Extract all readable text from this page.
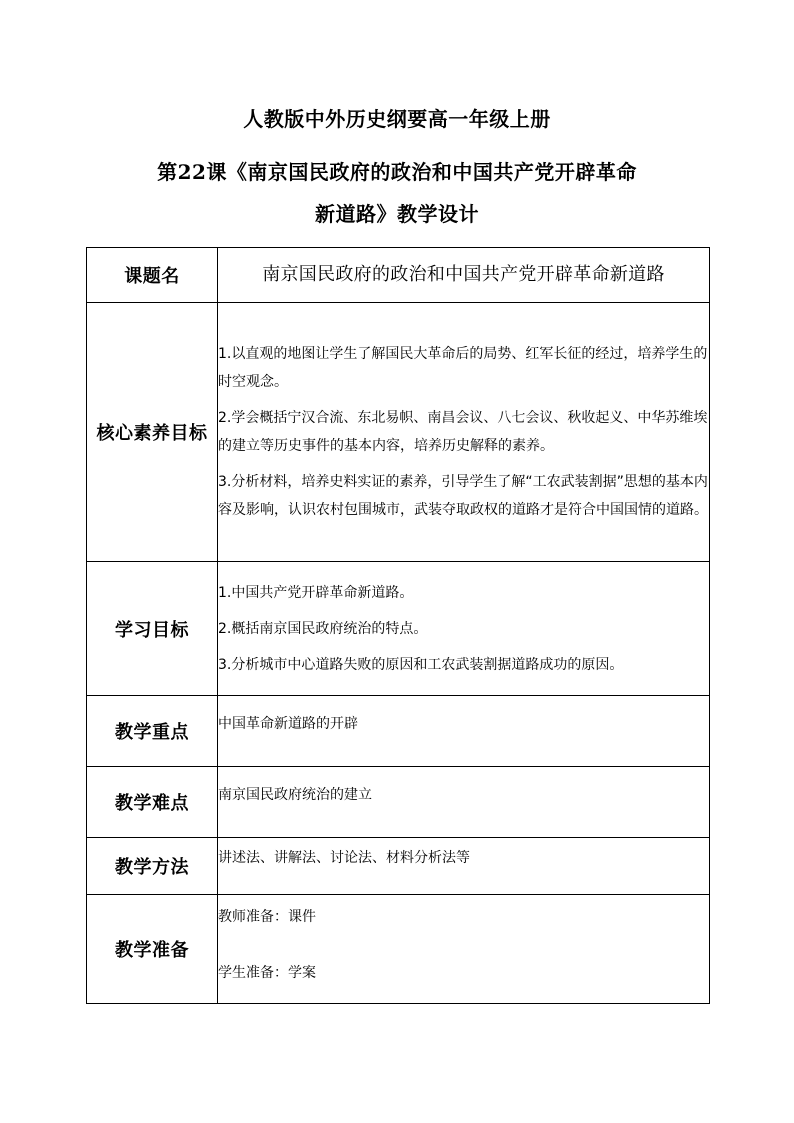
人教版中外历史纲要高一年级上册
第22课《南京国民政府的政治和中国共产党开辟革命
新道路》教学设计
课题名	南京国民政府的政治和中国共产党开辟革命新道路
核心素养目标	1.以直观的地图让学生了解国民大革命后的局势、红军长征的经过，培养学生的时空观念。

2.学会概括宁汉合流、东北易帜、南昌会议、八七会议、秋收起义、中华苏维埃的建立等历史事件的基本内容，培养历史解释的素养。

3.分析材料，培养史料实证的素养，引导学生了解“工农武装割据”思想的基本内容及影响，认识农村包围城市，武装夺取政权的道路才是符合中国国情的道路。

学习目标	1.中国共产党开辟革命新道路。

2.概括南京国民政府统治的特点。

3.分析城市中心道路失败的原因和工农武装割据道路成功的原因。

教学重点	中国革命新道路的开辟

教学难点	南京国民政府统治的建立

教学方法	讲述法、讲解法、讨论法、材料分析法等

教学准备	教师准备：课件
学生准备：学案
